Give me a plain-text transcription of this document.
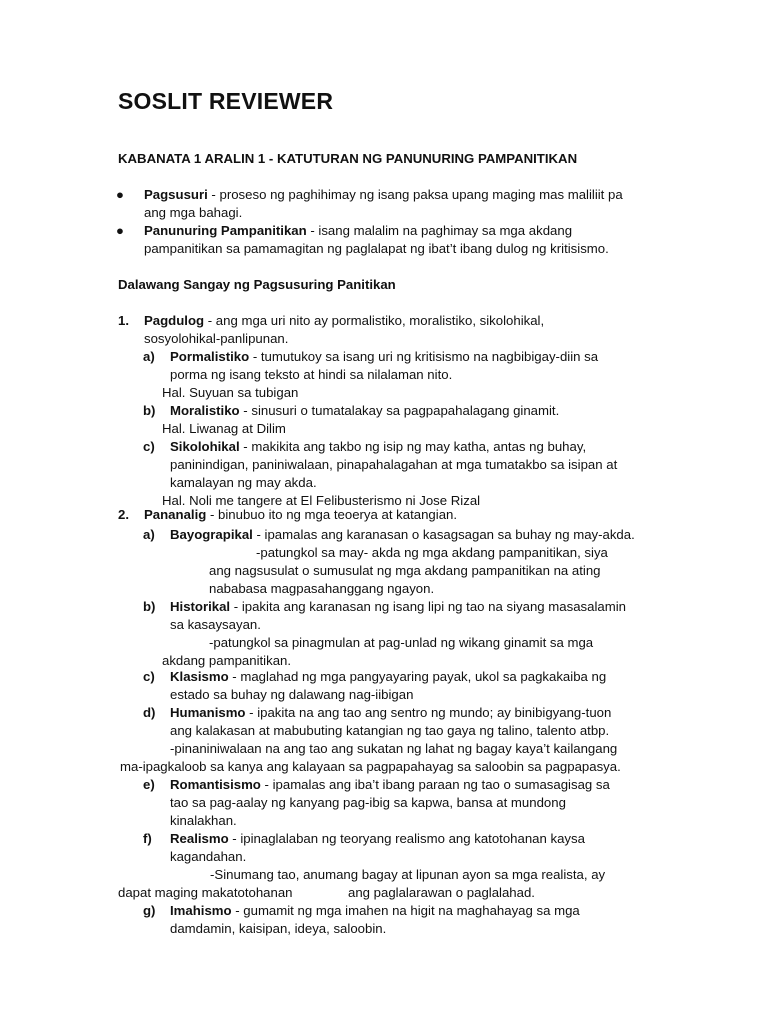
SOSLIT REVIEWER
KABANATA 1 ARALIN 1 - KATUTURAN NG PANUNURING PAMPANITIKAN
● Pagsusuri - proseso ng paghihimay ng isang paksa upang maging mas maliliit pa
ang mga bahagi.
● Panunuring Pampanitikan - isang malalim na paghimay sa mga akdang
pampanitikan sa pamamagitan ng paglalapat ng ibat’t ibang dulog ng kritisismo.
Dalawang Sangay ng Pagsusuring Panitikan
1. Pagdulog - ang mga uri nito ay pormalistiko, moralistiko, sikolohikal,
sosyolohikal-panlipunan.
a) Pormalistiko - tumutukoy sa isang uri ng kritisismo na nagbibigay-diin sa
porma ng isang teksto at hindi sa nilalaman nito.
Hal. Suyuan sa tubigan
b) Moralistiko - sinusuri o tumatalakay sa pagpapahalagang ginamit.
Hal. Liwanag at Dilim
c) Sikolohikal - makikita ang takbo ng isip ng may katha, antas ng buhay,
paninindigan, paniniwalaan, pinapahalagahan at mga tumatakbo sa isipan at
kamalayan ng may akda.
Hal. Noli me tangere at El Felibusterismo ni Jose Rizal
2. Pananalig - binubuo ito ng mga teoerya at katangian.
a) Bayograpikal - ipamalas ang karanasan o kasagsagan sa buhay ng may-akda.
-patungkol sa may- akda ng mga akdang pampanitikan, siya
ang nagsusulat o sumusulat ng mga akdang pampanitikan na ating
nababasa magpasahanggang ngayon.
b) Historikal - ipakita ang karanasan ng isang lipi ng tao na siyang masasalamin
sa kasaysayan.
-patungkol sa pinagmulan at pag-unlad ng wikang ginamit sa mga
akdang pampanitikan.
c) Klasismo - maglahad ng mga pangyayaring payak, ukol sa pagkakaiba ng
estado sa buhay ng dalawang nag-iibigan
d) Humanismo - ipakita na ang tao ang sentro ng mundo; ay binibigyang-tuon
ang kalakasan at mabubuting katangian ng tao gaya ng talino, talento atbp.
-pinaniniwalaan na ang tao ang sukatan ng lahat ng bagay kaya’t kailangang
ma-ipagkaloob sa kanya ang kalayaan sa pagpapahayag sa saloobin sa pagpapasya.
e) Romantisismo - ipamalas ang iba’t ibang paraan ng tao o sumasagisag sa
tao sa pag-aalay ng kanyang pag-ibig sa kapwa, bansa at mundong
kinalakhan.
f) Realismo - ipinaglalaban ng teoryang realismo ang katotohanan kaysa
kagandahan.
-Sinumang tao, anumang bagay at lipunan ayon sa mga realista, ay
dapat maging makatotohanan	ang paglalarawan o paglalahad.
g) Imahismo - gumamit ng mga imahen na higit na maghahayag sa mga
damdamin, kaisipan, ideya, saloobin.
